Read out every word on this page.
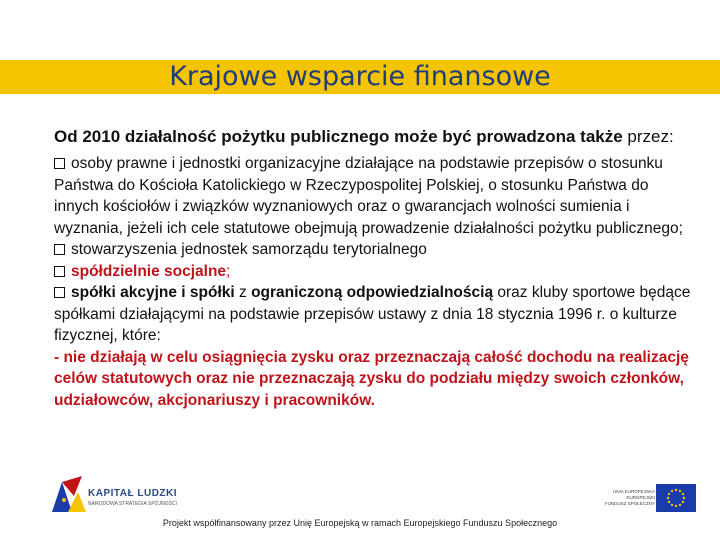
Krajowe wsparcie finansowe
Od 2010 działalność pożytku publicznego może być prowadzona także przez:
osoby prawne i jednostki organizacyjne działające na podstawie przepisów o stosunku Państwa do Kościoła Katolickiego w Rzeczypospolitej Polskiej, o stosunku Państwa do innych kościołów i związków wyznaniowych oraz o gwarancjach wolności sumienia i wyznania, jeżeli ich cele statutowe obejmują prowadzenie działalności pożytku publicznego;
stowarzyszenia jednostek samorządu terytorialnego
spółdzielnie socjalne;
spółki akcyjne i spółki z ograniczoną odpowiedzialnością oraz kluby sportowe będące spółkami działającymi na podstawie przepisów ustawy z dnia 18 stycznia 1996 r. o kulturze fizycznej, które:
- nie działają w celu osiągnięcia zysku oraz przeznaczają całość dochodu na realizację celów statutowych oraz nie przeznaczają zysku do podziału między swoich członków, udziałowców, akcjonariuszy i pracowników.
KAPITAŁ LUDZKI
NARODOWA STRATEGIA SPÓJNOŚCI
UNIA EUROPEJSKA
EUROPEJSKI
FUNDUSZ SPOŁECZNY
Projekt współfinansowany przez Unię Europejską w ramach Europejskiego Funduszu Społecznego
